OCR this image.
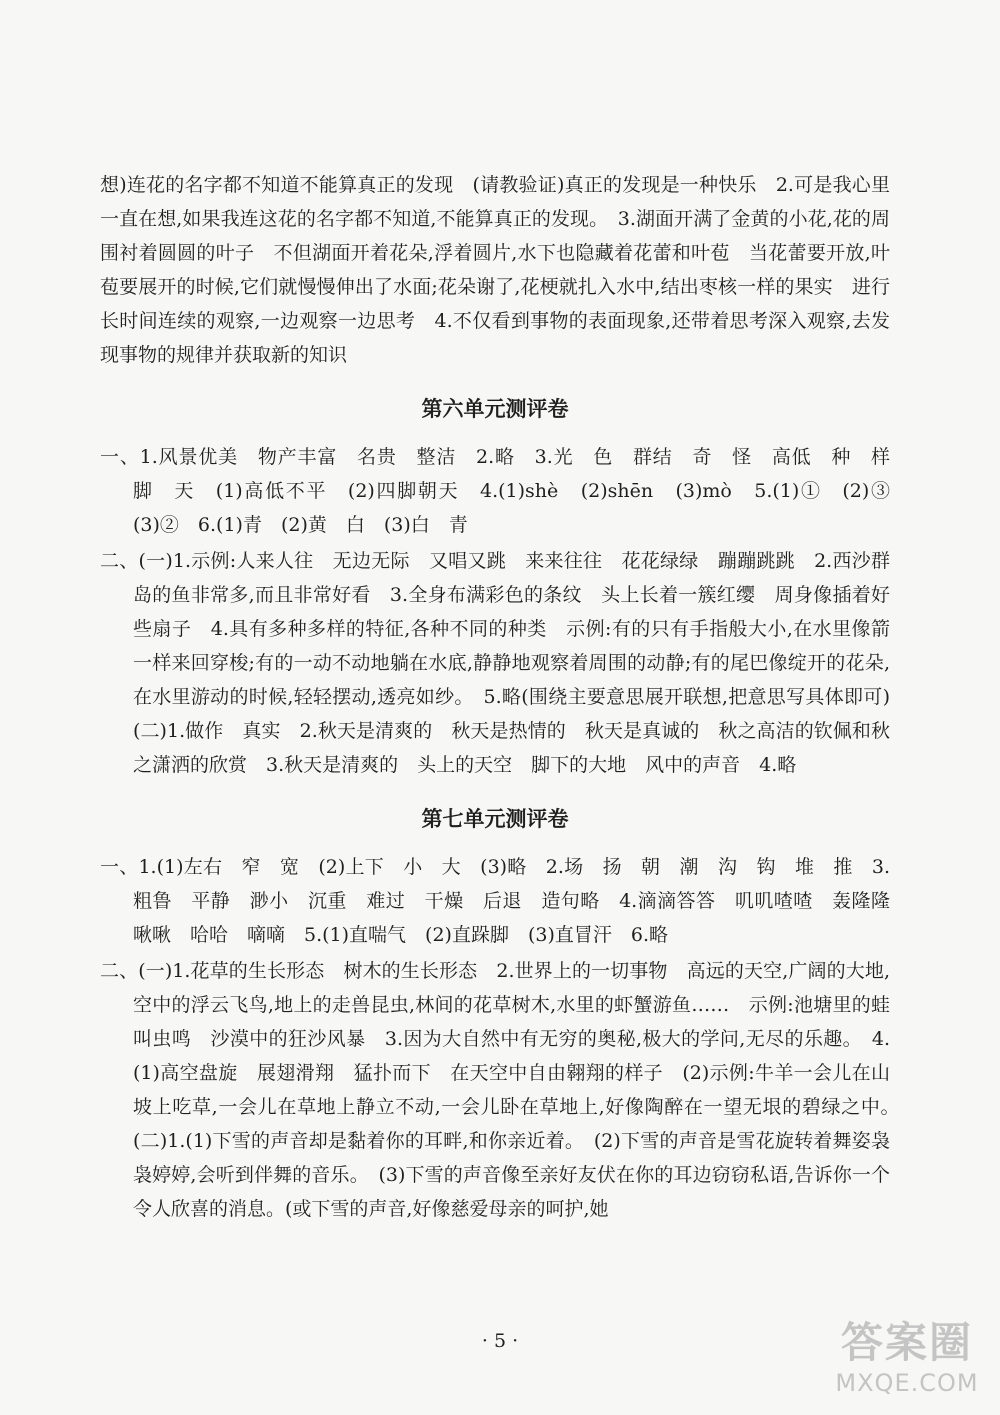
想)连花的名字都不知道不能算真正的发现　(请教验证)真正的发现是一种快乐　2.可是我心里一直在想,如果我连这花的名字都不知道,不能算真正的发现。　3.湖面开满了金黄的小花,花的周围衬着圆圆的叶子　不但湖面开着花朵,浮着圆片,水下也隐藏着花蕾和叶苞　当花蕾要开放,叶苞要展开的时候,它们就慢慢伸出了水面;花朵谢了,花梗就扎入水中,结出枣核一样的果实　进行长时间连续的观察,一边观察一边思考　4.不仅看到事物的表面现象,还带着思考深入观察,去发现事物的规律并获取新的知识

第六单元测评卷

一、1.风景优美　物产丰富　名贵　整洁　2.略　3.光　色　群结　奇　怪　高低　种　样　脚　天　(1)高低不平　(2)四脚朝天　4.(1)shè　(2)shēn　(3)mò　5.(1)①　(2)③　(3)②　6.(1)青　(2)黄　白　(3)白　青

二、(一)1.示例:人来人往　无边无际　又唱又跳　来来往往　花花绿绿　蹦蹦跳跳　2.西沙群岛的鱼非常多,而且非常好看　3.全身布满彩色的条纹　头上长着一簇红缨　周身像插着好些扇子　4.具有多种多样的特征,各种不同的种类　示例:有的只有手指般大小,在水里像箭一样来回穿梭;有的一动不动地躺在水底,静静地观察着周围的动静;有的尾巴像绽开的花朵,在水里游动的时候,轻轻摆动,透亮如纱。　5.略(围绕主要意思展开联想,把意思写具体即可)　(二)1.做作　真实　2.秋天是清爽的　秋天是热情的　秋天是真诚的　秋之高洁的钦佩和秋之潇洒的欣赏　3.秋天是清爽的　头上的天空　脚下的大地　风中的声音　4.略

第七单元测评卷

一、1.(1)左右　窄　宽　(2)上下　小　大　(3)略　2.场　扬　朝　潮　沟　钩　堆　推　3.粗鲁　平静　渺小　沉重　难过　干燥　后退　造句略　4.滴滴答答　叽叽喳喳　轰隆隆　啾啾　哈哈　嘀嘀　5.(1)直喘气　(2)直跺脚　(3)直冒汗　6.略

二、(一)1.花草的生长形态　树木的生长形态　2.世界上的一切事物　高远的天空,广阔的大地,空中的浮云飞鸟,地上的走兽昆虫,林间的花草树木,水里的虾蟹游鱼……　示例:池塘里的蛙叫虫鸣　沙漠中的狂沙风暴　3.因为大自然中有无穷的奥秘,极大的学问,无尽的乐趣。　4.(1)高空盘旋　展翅滑翔　猛扑而下　在天空中自由翱翔的样子　(2)示例:牛羊一会儿在山坡上吃草,一会儿在草地上静立不动,一会儿卧在草地上,好像陶醉在一望无垠的碧绿之中。　(二)1.(1)下雪的声音却是黏着你的耳畔,和你亲近着。　(2)下雪的声音是雪花旋转着舞姿袅袅婷婷,会听到伴舞的音乐。　(3)下雪的声音像至亲好友伏在你的耳边窃窃私语,告诉你一个令人欣喜的消息。(或下雪的声音,好像慈爱母亲的呵护,她

· 5 ·	答案圈
MXQE.COM
